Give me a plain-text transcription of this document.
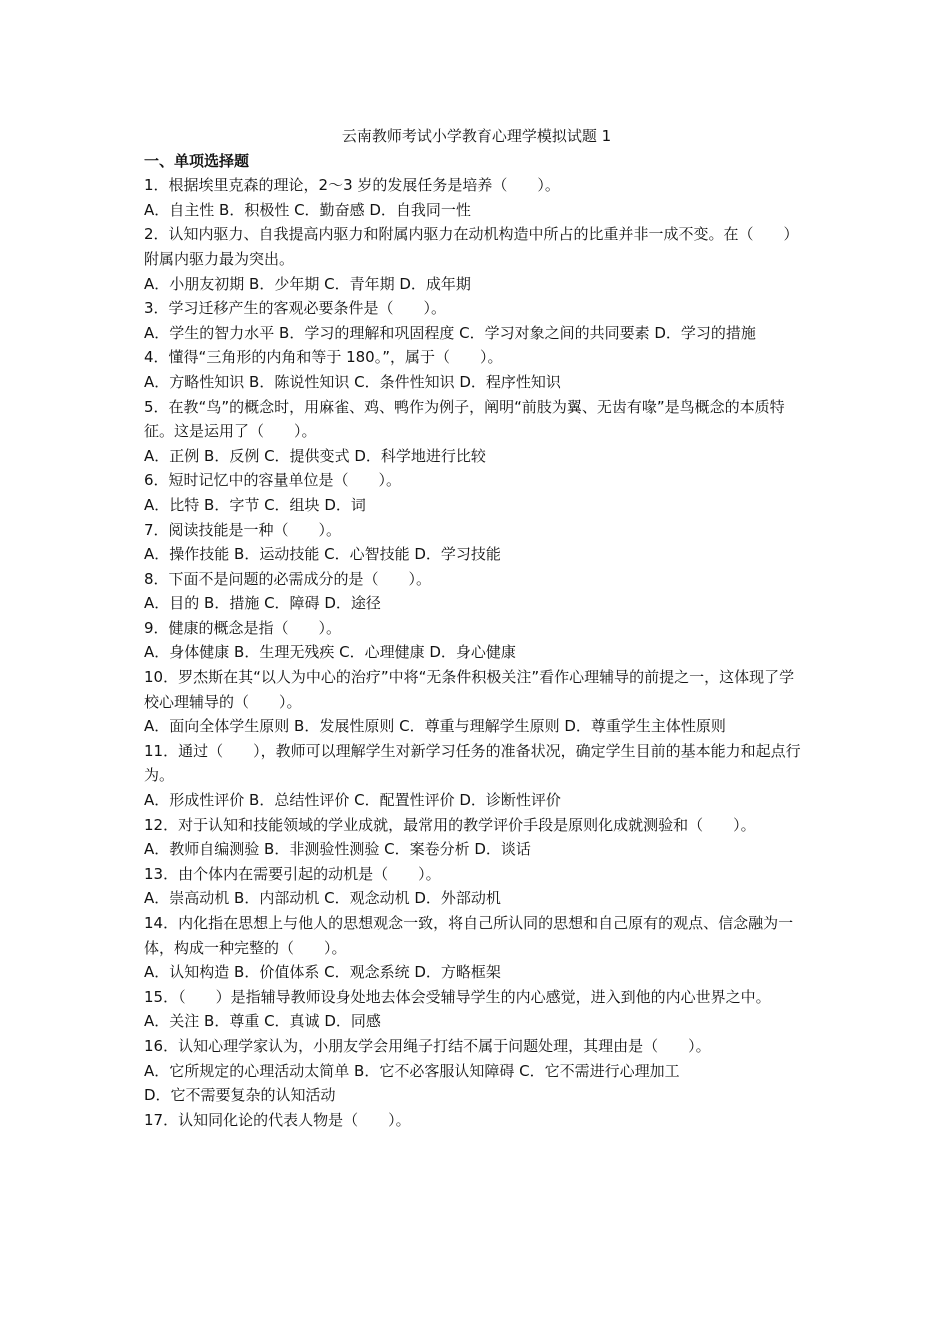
云南教师考试小学教育心理学模拟试题 1

一、单项选择题

1．根据埃里克森的理论，2～3 岁的发展任务是培养（　　）。

A．自主性 B．积极性 C．勤奋感 D．自我同一性

2．认知内驱力、自我提高内驱力和附属内驱力在动机构造中所占的比重并非一成不变。在（　　）附属内驱力最为突出。

A．小朋友初期 B．少年期 C．青年期 D．成年期

3．学习迁移产生的客观必要条件是（　　）。

A．学生的智力水平 B．学习的理解和巩固程度 C．学习对象之间的共同要素 D．学习的措施

4．懂得“三角形的内角和等于 180。”，属于（　　）。

A．方略性知识 B．陈说性知识 C．条件性知识 D．程序性知识

5．在教“鸟”的概念时，用麻雀、鸡、鸭作为例子，阐明“前肢为翼、无齿有喙”是鸟概念的本质特征。这是运用了（　　）。

A．正例 B．反例 C．提供变式 D．科学地进行比较

6．短时记忆中的容量单位是（　　）。

A．比特 B．字节 C．组块 D．词

7．阅读技能是一种（　　）。

A．操作技能 B．运动技能 C．心智技能 D．学习技能

8．下面不是问题的必需成分的是（　　）。

A．目的 B．措施 C．障碍 D．途径

9．健康的概念是指（　　）。

A．身体健康 B．生理无残疾 C．心理健康 D．身心健康

10．罗杰斯在其“以人为中心的治疗”中将“无条件积极关注”看作心理辅导的前提之一，这体现了学校心理辅导的（　　）。

A．面向全体学生原则 B．发展性原则 C．尊重与理解学生原则 D．尊重学生主体性原则

11．通过（　　），教师可以理解学生对新学习任务的准备状况，确定学生目前的基本能力和起点行为。

A．形成性评价 B．总结性评价 C．配置性评价 D．诊断性评价

12．对于认知和技能领域的学业成就，最常用的教学评价手段是原则化成就测验和（　　）。

A．教师自编测验 B．非测验性测验 C．案卷分析 D．谈话

13．由个体内在需要引起的动机是（　　）。

A．崇高动机 B．内部动机 C．观念动机 D．外部动机

14．内化指在思想上与他人的思想观念一致，将自己所认同的思想和自己原有的观点、信念融为一体，构成一种完整的（　　）。

A．认知构造 B．价值体系 C．观念系统 D．方略框架

15．（　　）是指辅导教师设身处地去体会受辅导学生的内心感觉，进入到他的内心世界之中。

A．关注 B．尊重 C．真诚 D．同感

16．认知心理学家认为，小朋友学会用绳子打结不属于问题处理，其理由是（　　）。

A．它所规定的心理活动太简单 B．它不必客服认知障碍 C．它不需进行心理加工

D．它不需要复杂的认知活动

17．认知同化论的代表人物是（　　）。
